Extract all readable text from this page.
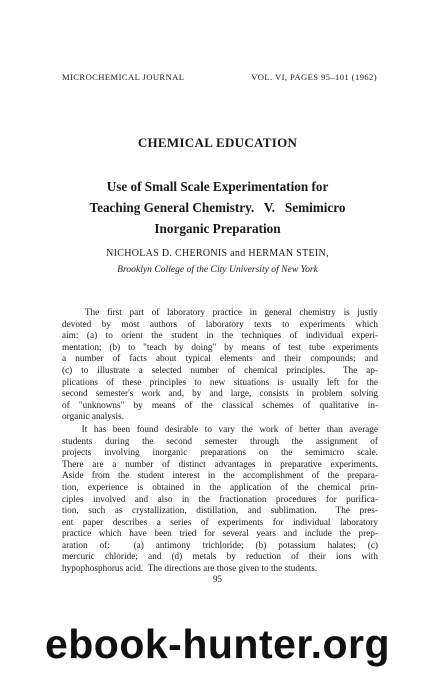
MICROCHEMICAL JOURNAL	VOL. VI, PAGES 95–101 (1962)
CHEMICAL EDUCATION
Use of Small Scale Experimentation for
Teaching General Chemistry.   V.   Semimicro
Inorganic Preparation
NICHOLAS D. CHERONIS and HERMAN STEIN,
Brooklyn College of the City University of New York
The first part of laboratory practice in general chemistry is justly
devoted by most authors of laboratory texts to experiments which
aim: (a) to orient the student in the techniques of individual experi-
mentation; (b) to "teach by doing" by means of test tube experiments
a number of facts about typical elements and their compounds; and
(c) to illustrate a selected number of chemical principles.  The ap-
plications of these principles to new situations is usually left for the
second semester's work and, by and large, consists in problem solving
of "unknowns" by means of the classical schemes of qualitative in-
organic analysis.
It has been found desirable to vary the work of better than average
students during the second semester through the assignment of
projects involving inorganic preparations on the semimicro scale.
There are a number of distinct advantages in preparative experiments.
Aside from the student interest in the accomplishment of the prepara-
tion, experience is obtained in the application of the chemical prin-
ciples involved and also in the fractionation procedures for purifica-
tion, such as crystallization, distillation, and sublimation.  The pres-
ent paper describes a series of experiments for individual laboratory
practice which have been tried for several years and include the prep-
aration of:  (a) antimony trichloride; (b) potassium halates; (c)
mercuric chloride; and (d) metals by reduction of their ions with
hypophosphorus acid.  The directions are those given to the students.
95
ebook-hunter.org
